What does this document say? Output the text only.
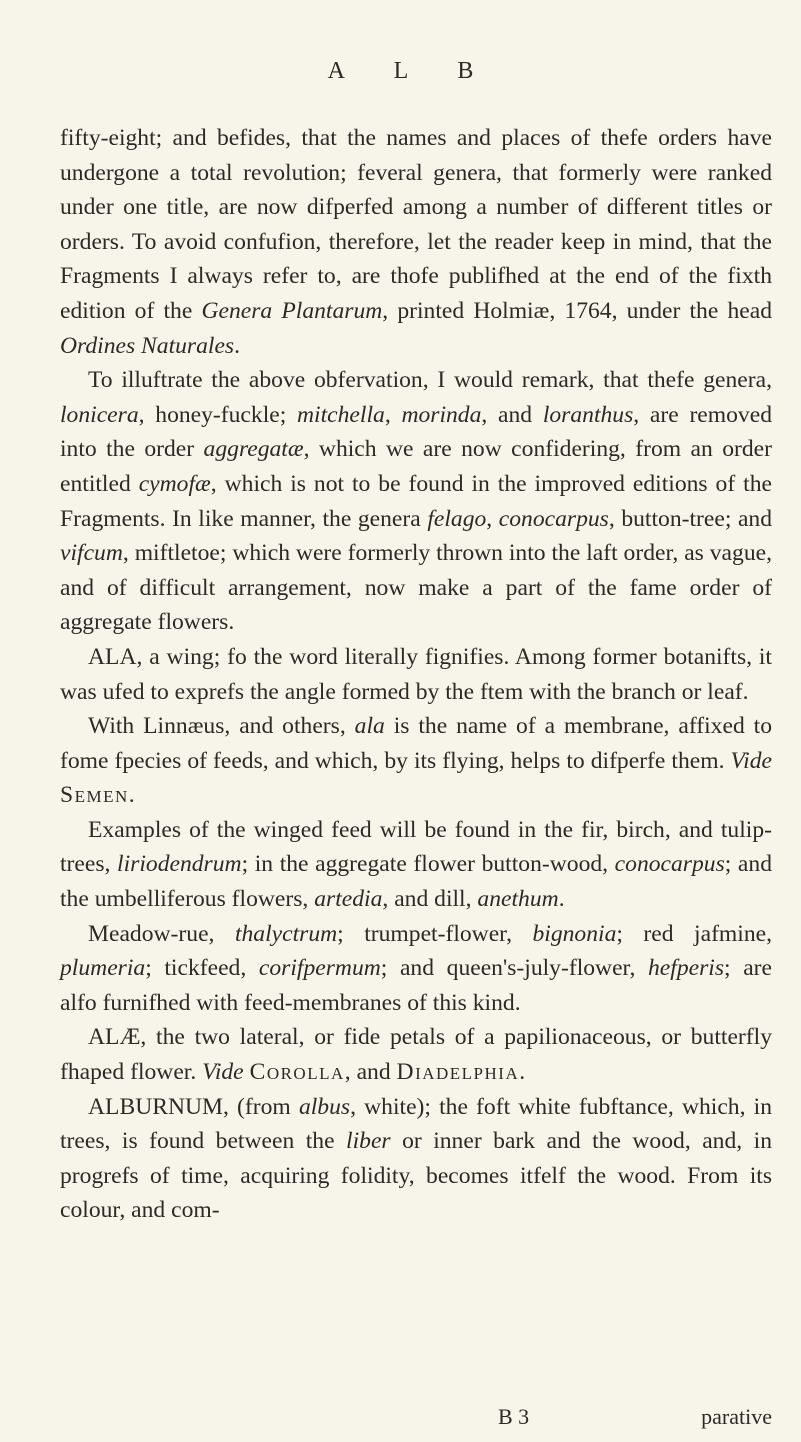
A L B

fifty-eight; and befides, that the names and places of thefe orders have undergone a total revolution; feveral genera, that formerly were ranked under one title, are now difperfed among a number of different titles or orders. To avoid confufion, therefore, let the reader keep in mind, that the Fragments I always refer to, are thofe publifhed at the end of the fixth edition of the Genera Plantarum, printed Holmiæ, 1764, under the head Ordines Naturales.

To illuftrate the above obfervation, I would remark, that thefe genera, lonicera, honey-fuckle; mitchella, morinda, and loranthus, are removed into the order aggregatæ, which we are now confidering, from an order entitled cymofæ, which is not to be found in the improved editions of the Fragments. In like manner, the genera felago, conocarpus, button-tree; and vifcum, miftletoe; which were formerly thrown into the laft order, as vague, and of difficult arrangement, now make a part of the fame order of aggregate flowers.

ALA, a wing; fo the word literally fignifies. Among former botanifts, it was ufed to exprefs the angle formed by the ftem with the branch or leaf.

With Linnæus, and others, ala is the name of a membrane, affixed to fome fpecies of feeds, and which, by its flying, helps to difperfe them. Vide Semen.

Examples of the winged feed will be found in the fir, birch, and tulip-trees, liriodendrum; in the aggregate flower button-wood, conocarpus; and the umbelliferous flowers, artedia, and dill, anethum.

Meadow-rue, thalyctrum; trumpet-flower, bignonia; red jafmine, plumeria; tickfeed, corifpermum; and queen's-july-flower, hefperis; are alfo furnifhed with feed-membranes of this kind.

ALÆ, the two lateral, or fide petals of a papilionaceous, or butterfly fhaped flower. Vide Corolla, and Diadelphia.

ALBURNUM, (from albus, white); the foft white fubftance, which, in trees, is found between the liber or inner bark and the wood, and, in progrefs of time, acquiring folidity, becomes itfelf the wood. From its colour, and com-

B 3	parative
